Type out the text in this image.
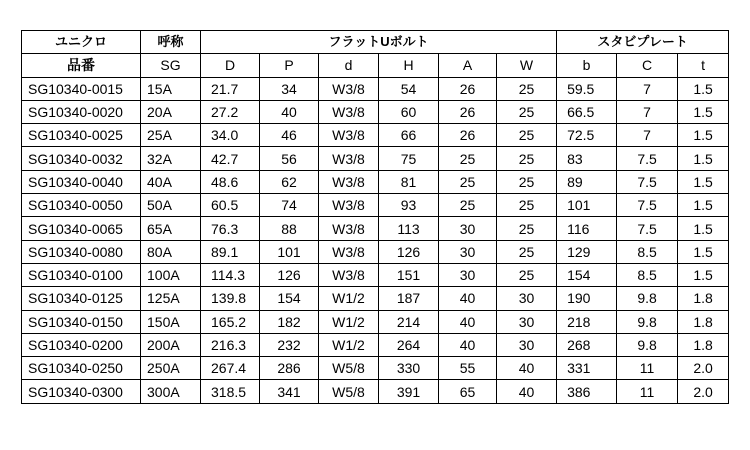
ユニクロ	呼称	フラットUボルト						スタビプレート		
品番	SG	D	P	d	H	A	W	b	C	t
SG10340-0015	15A	21.7	34	W3/8	54	26	25	59.5	7	1.5
SG10340-0020	20A	27.2	40	W3/8	60	26	25	66.5	7	1.5
SG10340-0025	25A	34.0	46	W3/8	66	26	25	72.5	7	1.5
SG10340-0032	32A	42.7	56	W3/8	75	25	25	83	7.5	1.5
SG10340-0040	40A	48.6	62	W3/8	81	25	25	89	7.5	1.5
SG10340-0050	50A	60.5	74	W3/8	93	25	25	101	7.5	1.5
SG10340-0065	65A	76.3	88	W3/8	113	30	25	116	7.5	1.5
SG10340-0080	80A	89.1	101	W3/8	126	30	25	129	8.5	1.5
SG10340-0100	100A	114.3	126	W3/8	151	30	25	154	8.5	1.5
SG10340-0125	125A	139.8	154	W1/2	187	40	30	190	9.8	1.8
SG10340-0150	150A	165.2	182	W1/2	214	40	30	218	9.8	1.8
SG10340-0200	200A	216.3	232	W1/2	264	40	30	268	9.8	1.8
SG10340-0250	250A	267.4	286	W5/8	330	55	40	331	11	2.0
SG10340-0300	300A	318.5	341	W5/8	391	65	40	386	11	2.0
